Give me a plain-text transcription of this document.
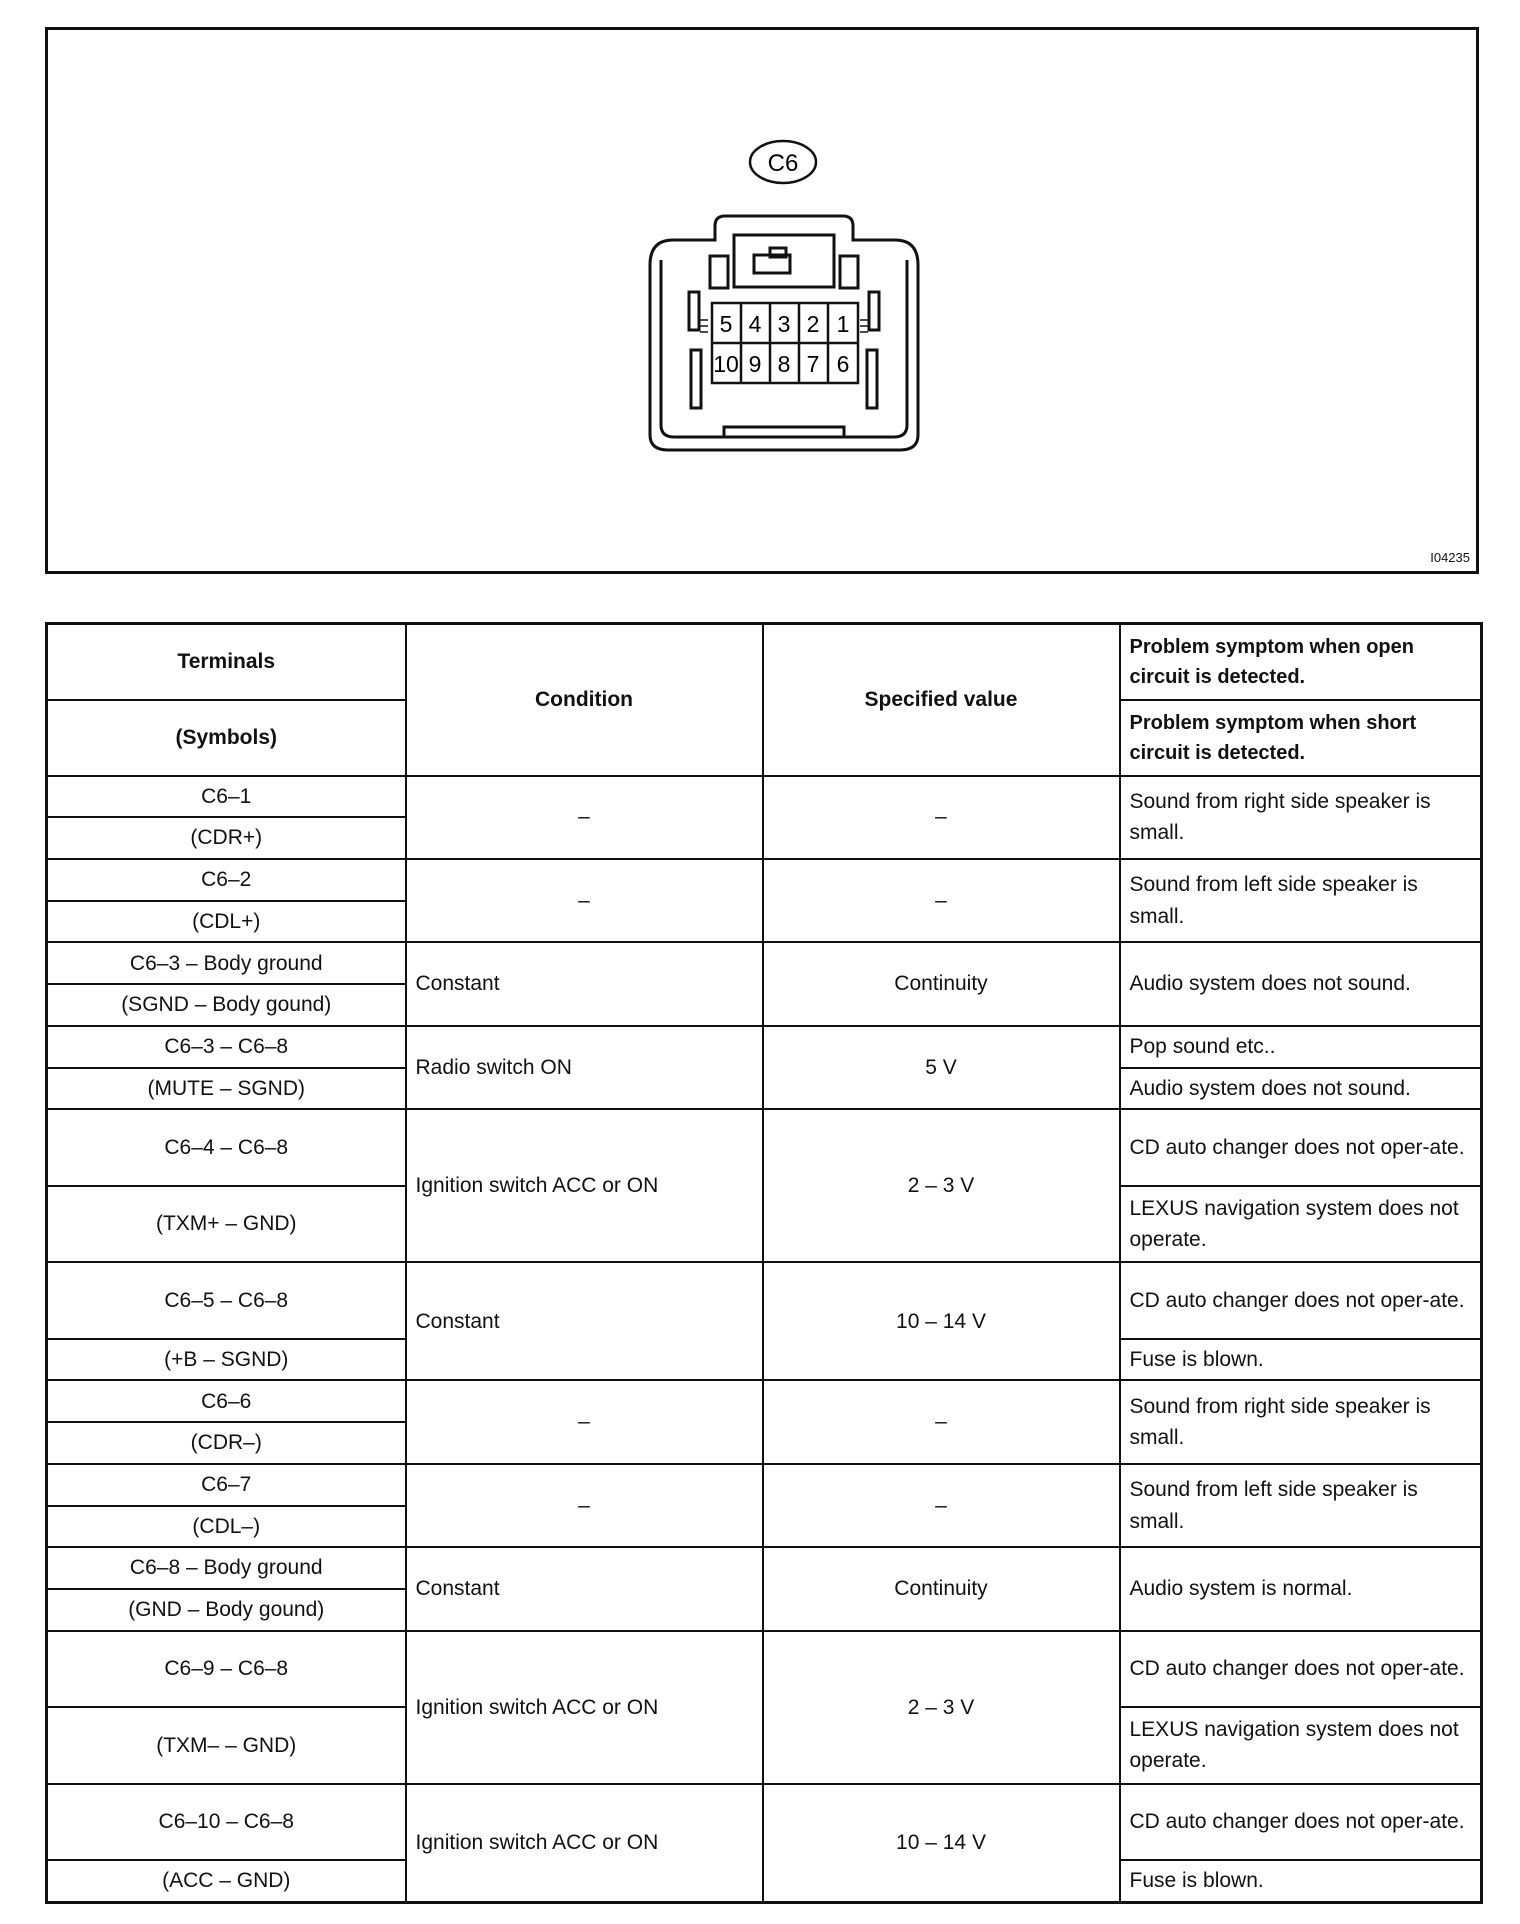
C6
5 4 3 2 1
10 9 8 7 6
I04235
Terminals	Condition	Specified value	Problem symptom when open circuit is detected.
(Symbols)			Problem symptom when short circuit is detected.
C6–1	–	–	Sound from right side speaker is small.
(CDR+)			
C6–2	–	–	Sound from left side speaker is small.
(CDL+)			
C6–3 – Body ground	Constant	Continuity	Audio system does not sound.
(SGND – Body gound)			
C6–3 – C6–8	Radio switch ON	5 V	Pop sound etc..
(MUTE – SGND)			Audio system does not sound.
C6–4 – C6–8	Ignition switch ACC or ON	2 – 3 V	CD auto changer does not oper-ate.
(TXM+ – GND)			LEXUS navigation system does not operate.
C6–5 – C6–8	Constant	10 – 14 V	CD auto changer does not oper-ate.
(+B – SGND)			Fuse is blown.
C6–6	–	–	Sound from right side speaker is small.
(CDR–)			
C6–7	–	–	Sound from left side speaker is small.
(CDL–)			
C6–8 – Body ground	Constant	Continuity	Audio system is normal.
(GND – Body gound)			
C6–9 – C6–8	Ignition switch ACC or ON	2 – 3 V	CD auto changer does not oper-ate.
(TXM– – GND)			LEXUS navigation system does not operate.
C6–10 – C6–8	Ignition switch ACC or ON	10 – 14 V	CD auto changer does not oper-ate.
(ACC – GND)			Fuse is blown.
